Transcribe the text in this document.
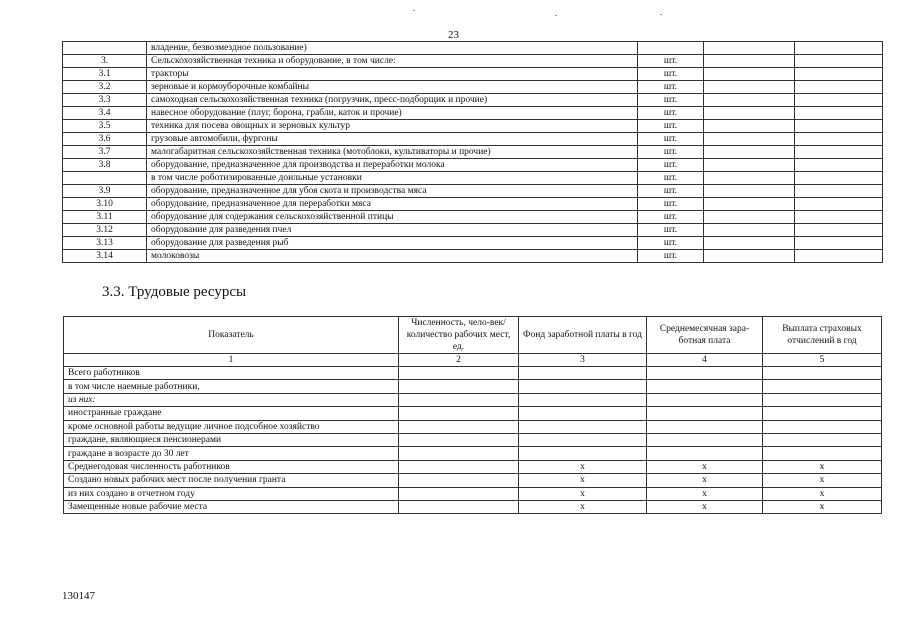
23
	владение, безвозмездное пользование)			
3.	Сельскохозяйственная техника и оборудование, в том числе:	шт.		
3.1	тракторы	шт.		
3.2	зерновые и кормоуборочные комбайны	шт.		
3.3	самоходная сельскохозяйственная техника (погрузчик, пресс-подборщик и прочие)	шт.		
3.4	навесное оборудование (плуг, борона, грабли, каток и прочие)	шт.		
3.5	техника для посева овощных и зерновых культур	шт.		
3.6	грузовые автомобили, фургоны	шт.		
3.7	малогабаритная сельскохозяйственная техника (мотоблоки, культиваторы и прочие)	шт.		
3.8	оборудование, предназначенное для производства и переработки молока	шт.		
	в том числе роботизированные доильные установки	шт.		
3.9	оборудование, предназначенное для убоя скота и производства мяса	шт.		
3.10	оборудование, предназначенное для переработки мяса	шт.		
3.11	оборудование для содержания сельскохозяйственной птицы	шт.		
3.12	оборудование для разведения пчел	шт.		
3.13	оборудование для разведения рыб	шт.		
3.14	молоковозы	шт.		
3.3. Трудовые ресурсы
Показатель	Численность, чело-век/количество рабочих мест, ед.	Фонд заработной платы в год	Среднемесячная зара-ботная плата	Выплата страховых отчислений в год
1	2	3	4	5
Всего работников				
в том числе наемные работники,				
из них:				
иностранные граждане				
кроме основной работы ведущие личное подсобное хозяйство				
граждане, являющиеся пенсионерами				
граждане в возрасте до 30 лет				
Среднегодовая численность работников		х	х	х
Создано новых рабочих мест после получения гранта		х	х	х
из них создано в отчетном году		х	х	х
Замещенные новые рабочие места		х	х	х
130147
